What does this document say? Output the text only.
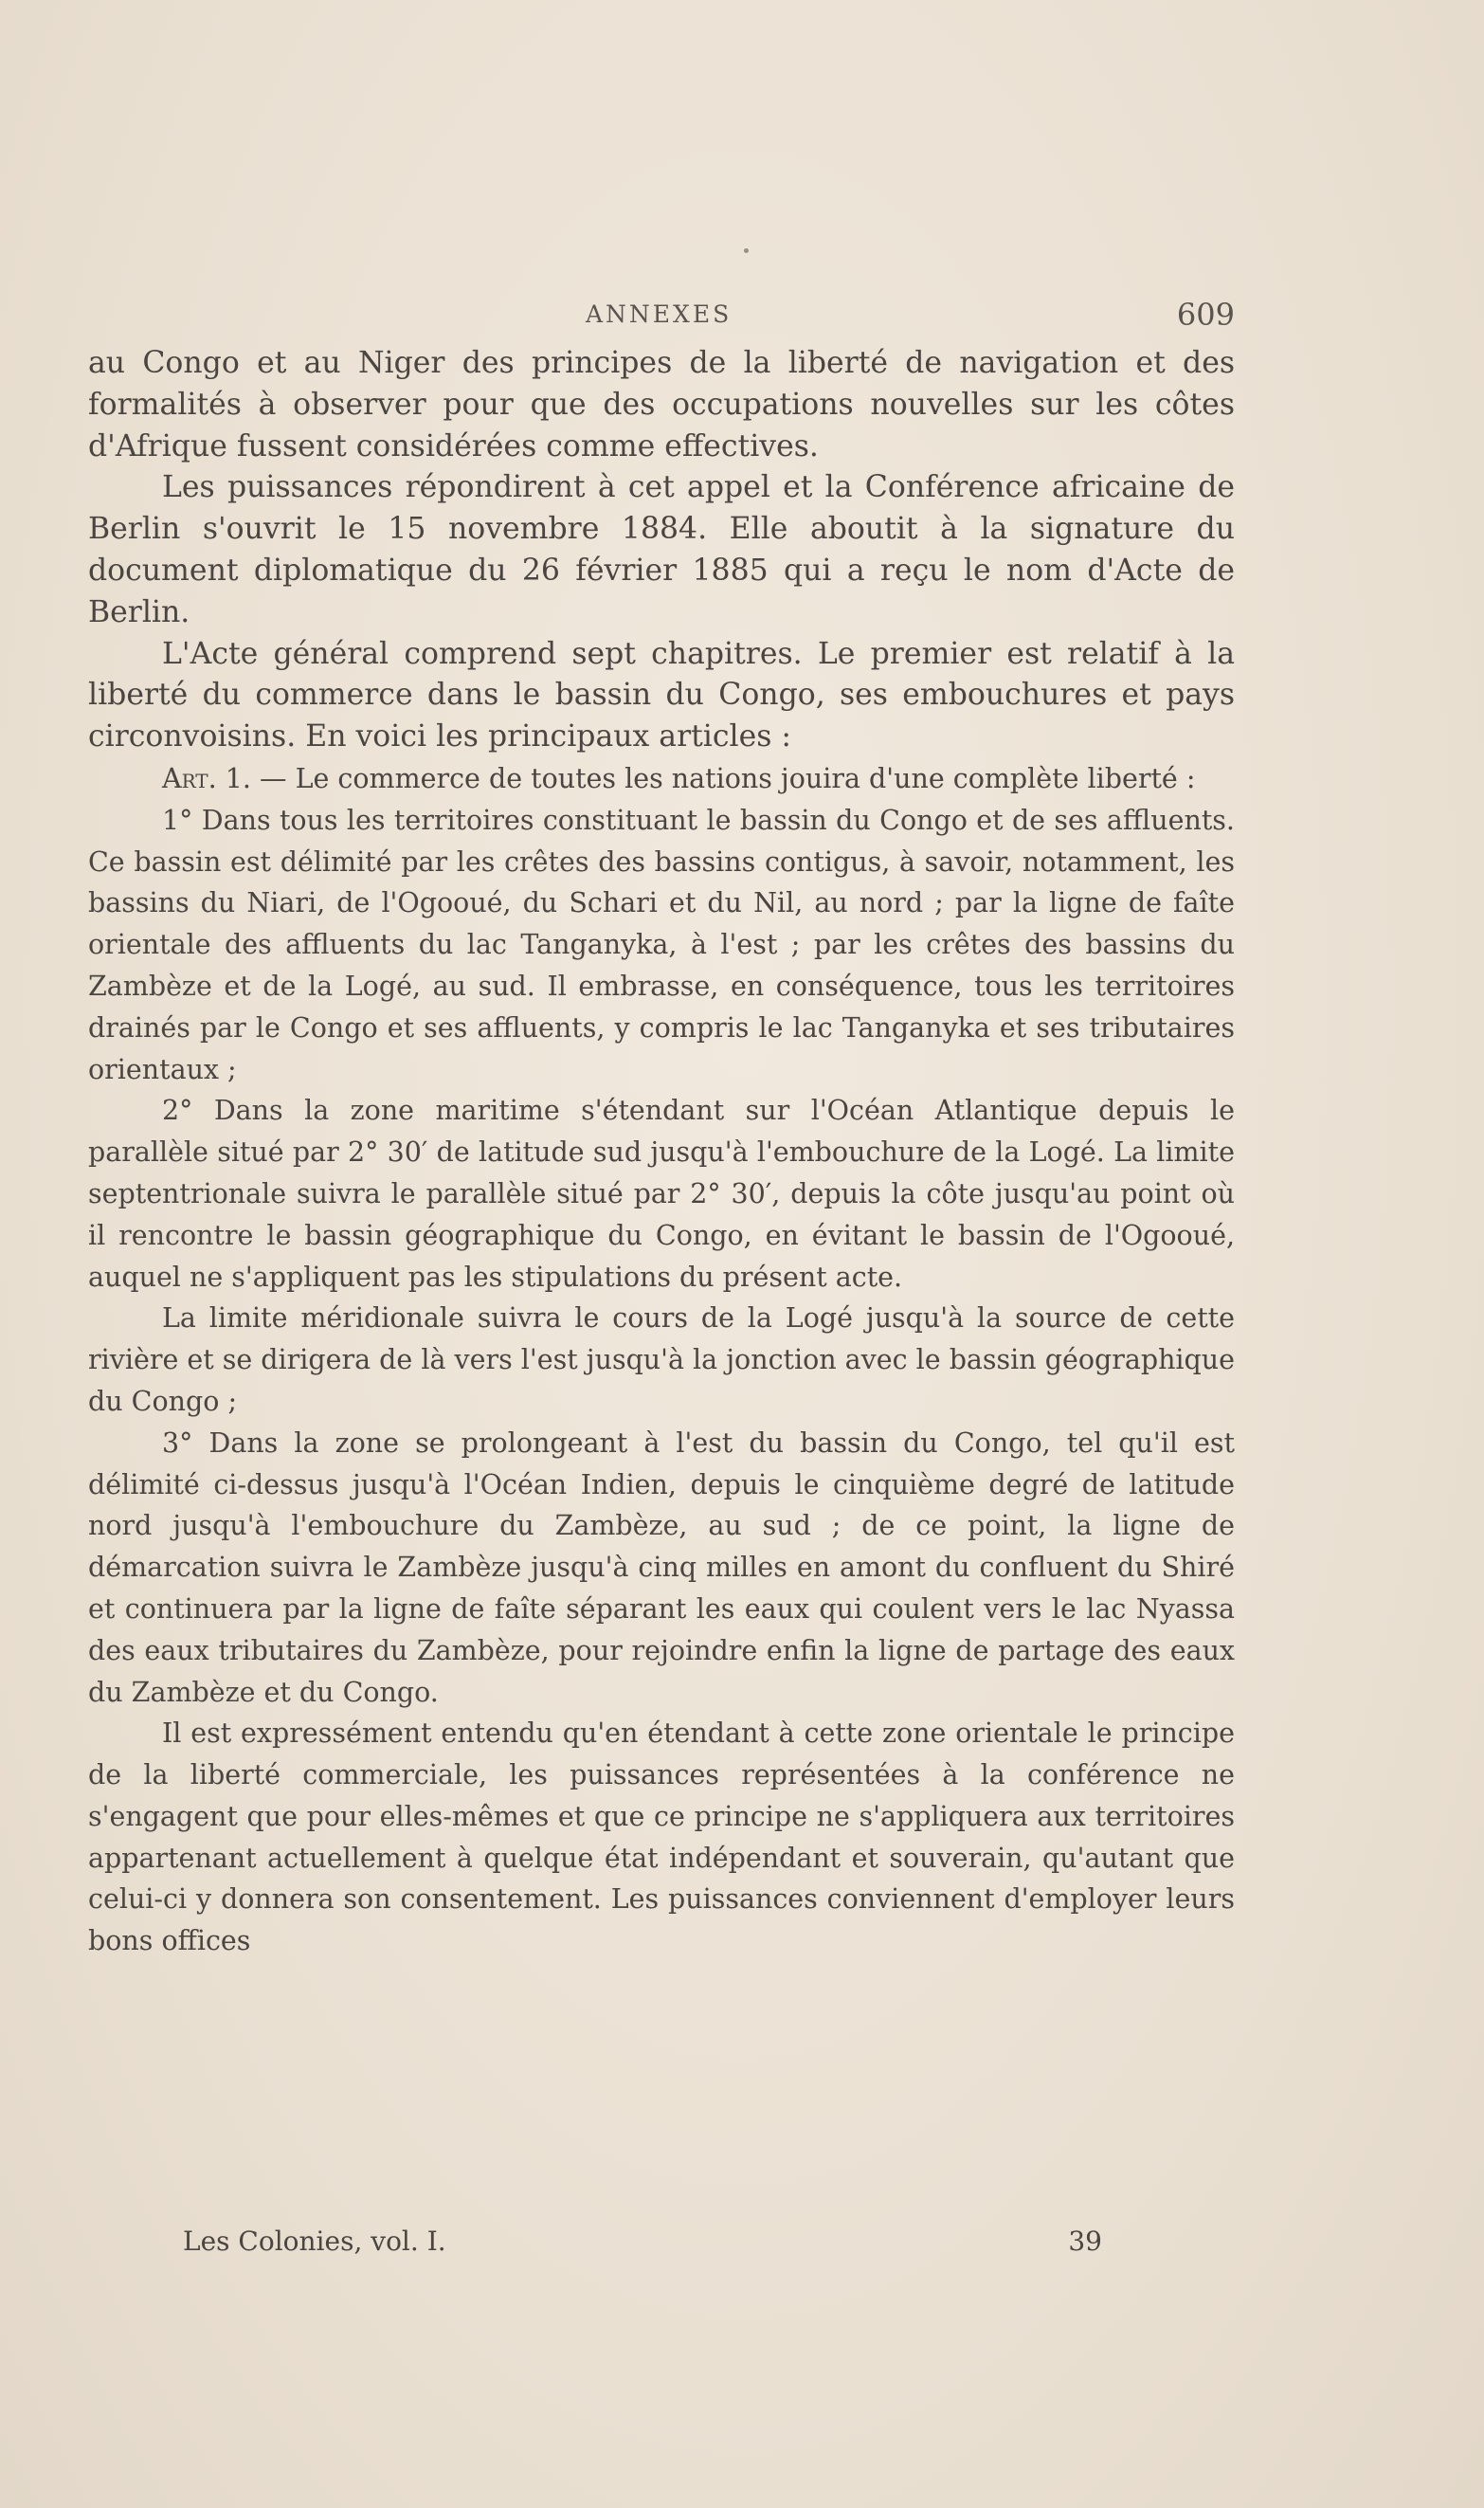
ANNEXES	609

au Congo et au Niger des principes de la liberté de navigation et des formalités à observer pour que des occupations nouvelles sur les côtes d'Afrique fussent considérées comme effectives.

Les puissances répondirent à cet appel et la Conférence africaine de Berlin s'ouvrit le 15 novembre 1884. Elle aboutit à la signature du document diplomatique du 26 février 1885 qui a reçu le nom d'Acte de Berlin.

L'Acte général comprend sept chapitres. Le premier est relatif à la liberté du commerce dans le bassin du Congo, ses embouchures et pays circonvoisins. En voici les principaux articles :

Art. 1. — Le commerce de toutes les nations jouira d'une complète liberté :

1° Dans tous les territoires constituant le bassin du Congo et de ses affluents. Ce bassin est délimité par les crêtes des bassins contigus, à savoir, notamment, les bassins du Niari, de l'Ogooué, du Schari et du Nil, au nord ; par la ligne de faîte orientale des affluents du lac Tanganyka, à l'est ; par les crêtes des bassins du Zambèze et de la Logé, au sud. Il embrasse, en conséquence, tous les territoires drainés par le Congo et ses affluents, y compris le lac Tanganyka et ses tributaires orientaux ;

2° Dans la zone maritime s'étendant sur l'Océan Atlantique depuis le parallèle situé par 2° 30′ de latitude sud jusqu'à l'embouchure de la Logé. La limite septentrionale suivra le parallèle situé par 2° 30′, depuis la côte jusqu'au point où il rencontre le bassin géographique du Congo, en évitant le bassin de l'Ogooué, auquel ne s'appliquent pas les stipulations du présent acte.

La limite méridionale suivra le cours de la Logé jusqu'à la source de cette rivière et se dirigera de là vers l'est jusqu'à la jonction avec le bassin géographique du Congo ;

3° Dans la zone se prolongeant à l'est du bassin du Congo, tel qu'il est délimité ci-dessus jusqu'à l'Océan Indien, depuis le cinquième degré de latitude nord jusqu'à l'embouchure du Zambèze, au sud ; de ce point, la ligne de démarcation suivra le Zambèze jusqu'à cinq milles en amont du confluent du Shiré et continuera par la ligne de faîte séparant les eaux qui coulent vers le lac Nyassa des eaux tributaires du Zambèze, pour rejoindre enfin la ligne de partage des eaux du Zambèze et du Congo.

Il est expressément entendu qu'en étendant à cette zone orientale le principe de la liberté commerciale, les puissances représentées à la conférence ne s'engagent que pour elles-mêmes et que ce principe ne s'appliquera aux territoires appartenant actuellement à quelque état indépendant et souverain, qu'autant que celui-ci y donnera son consentement. Les puissances conviennent d'employer leurs bons offices

Les Colonies, vol. I.	39
